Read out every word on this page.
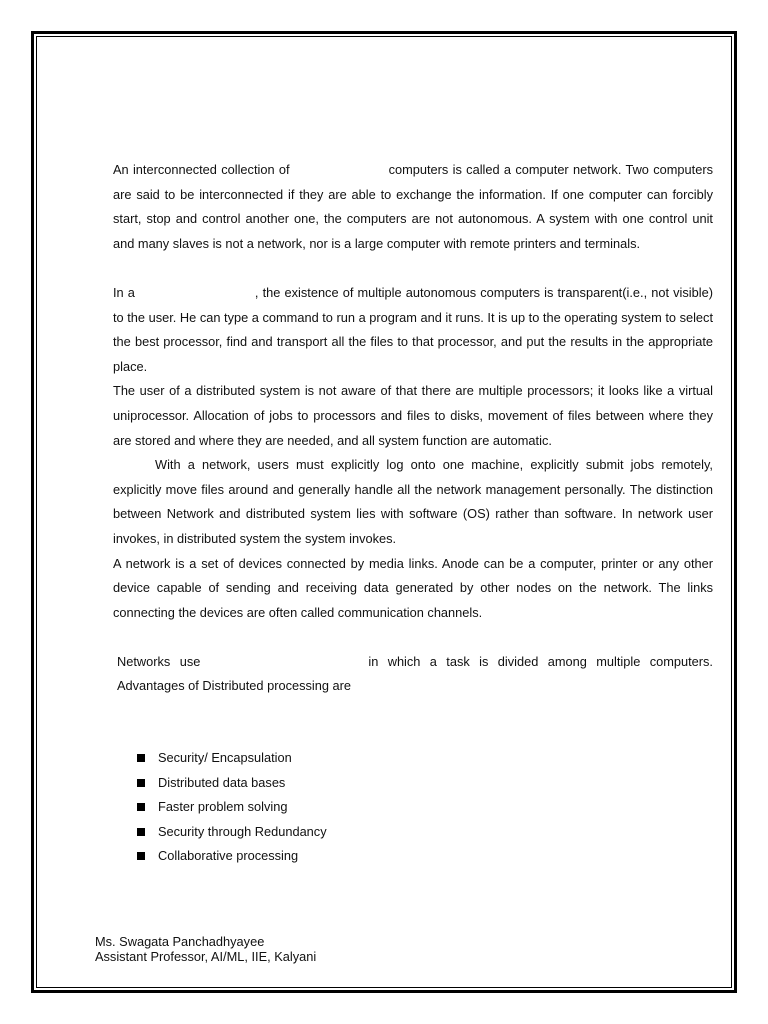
An interconnected collection of	computers is called a computer network. Two computers are said to be interconnected if they are able to exchange the information. If one computer can forcibly start, stop and control another one, the computers are not autonomous. A system with one control unit and many slaves is not a network, nor is a large computer with remote printers and terminals.

In a	, the existence of multiple autonomous computers is transparent(i.e., not visible) to the user. He can type a command to run a program and it runs. It is up to the operating system to select the best processor, find and transport all the files to that processor, and put the results in the appropriate place.

The user of a distributed system is not aware of that there are multiple processors; it looks like a virtual uniprocessor. Allocation of jobs to processors and files to disks, movement of files between where they are stored and where they are needed, and all system function are automatic.

With a network, users must explicitly log onto one machine, explicitly submit jobs remotely, explicitly move files around and generally handle all the network management personally. The distinction between Network and distributed system lies with software (OS) rather than software. In network user invokes, in distributed system the system invokes.

A network is a set of devices connected by media links. Anode can be a computer, printer or any other device capable of sending and receiving data generated by other nodes on the network. The links connecting the devices are often called communication channels.

Networks use	in which a task is divided among multiple computers. Advantages of Distributed processing are

Security/ Encapsulation
Distributed data bases
Faster problem solving
Security through Redundancy
Collaborative processing
Ms. Swagata Panchadhyayee
Assistant Professor, AI/ML, IIE, Kalyani
